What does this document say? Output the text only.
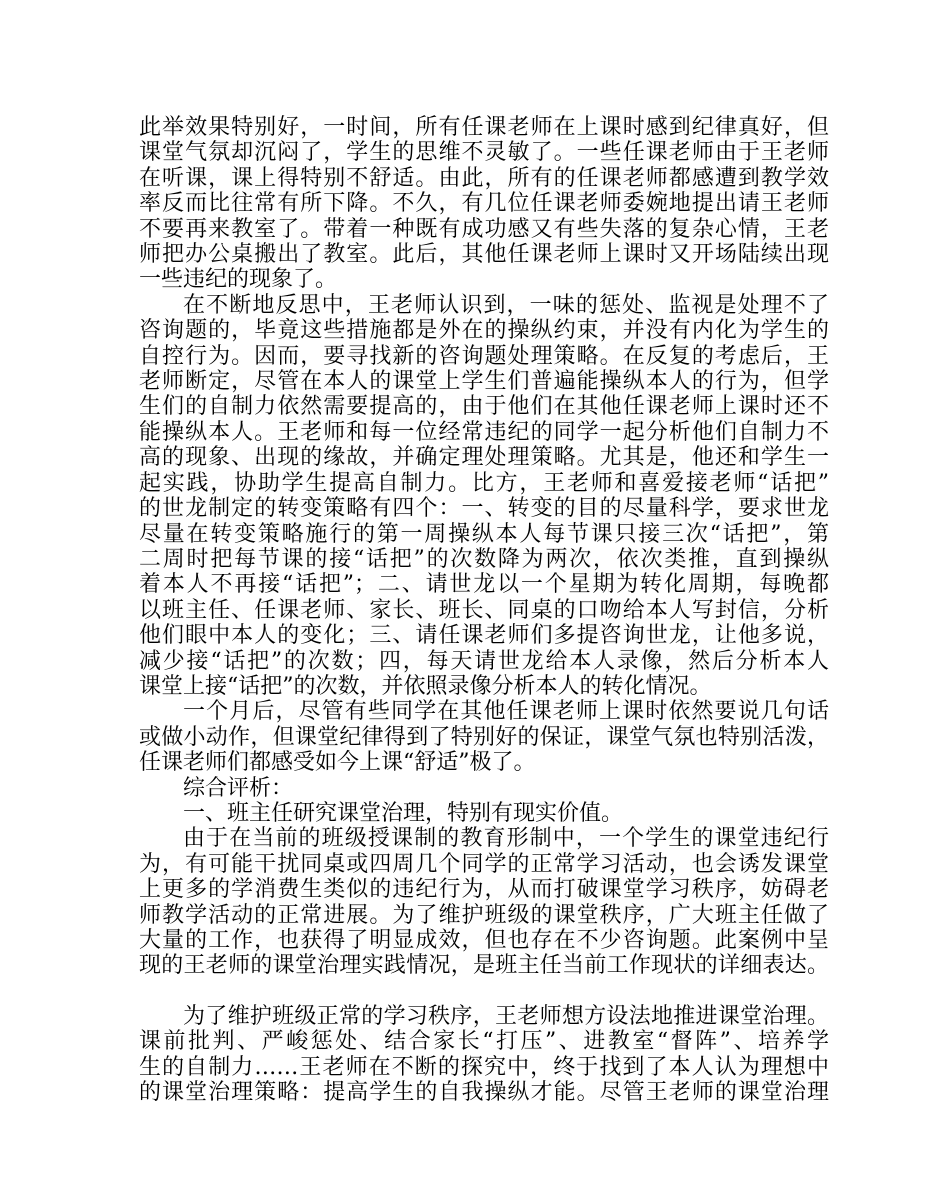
此举效果特别好，一时间，所有任课老师在上课时感到纪律真好，但
课堂气氛却沉闷了，学生的思维不灵敏了。一些任课老师由于王老师
在听课，课上得特别不舒适。由此，所有的任课老师都感遭到教学效
率反而比往常有所下降。不久，有几位任课老师委婉地提出请王老师
不要再来教室了。带着一种既有成功感又有些失落的复杂心情，王老
师把办公桌搬出了教室。此后，其他任课老师上课时又开场陆续出现
一些违纪的现象了。

在不断地反思中，王老师认识到，一味的惩处、监视是处理不了
咨询题的，毕竟这些措施都是外在的操纵约束，并没有内化为学生的
自控行为。因而，要寻找新的咨询题处理策略。在反复的考虑后，王
老师断定，尽管在本人的课堂上学生们普遍能操纵本人的行为，但学
生们的自制力依然需要提高的，由于他们在其他任课老师上课时还不
能操纵本人。王老师和每一位经常违纪的同学一起分析他们自制力不
高的现象、出现的缘故，并确定理处理策略。尤其是，他还和学生一
起实践，协助学生提高自制力。比方，王老师和喜爱接老师“话把”
的世龙制定的转变策略有四个：一、转变的目的尽量科学，要求世龙
尽量在转变策略施行的第一周操纵本人每节课只接三次“话把”，第
二周时把每节课的接“话把”的次数降为两次，依次类推，直到操纵
着本人不再接“话把”；二、请世龙以一个星期为转化周期，每晚都
以班主任、任课老师、家长、班长、同桌的口吻给本人写封信，分析
他们眼中本人的变化；三、请任课老师们多提咨询世龙，让他多说，
减少接“话把”的次数；四，每天请世龙给本人录像，然后分析本人
课堂上接“话把”的次数，并依照录像分析本人的转化情况。

一个月后，尽管有些同学在其他任课老师上课时依然要说几句话
或做小动作，但课堂纪律得到了特别好的保证，课堂气氛也特别活泼，
任课老师们都感受如今上课“舒适”极了。

综合评析：

一、班主任研究课堂治理，特别有现实价值。

由于在当前的班级授课制的教育形制中，一个学生的课堂违纪行
为，有可能干扰同桌或四周几个同学的正常学习活动，也会诱发课堂
上更多的学消费生类似的违纪行为，从而打破课堂学习秩序，妨碍老
师教学活动的正常进展。为了维护班级的课堂秩序，广大班主任做了
大量的工作，也获得了明显成效，但也存在不少咨询题。此案例中呈
现的王老师的课堂治理实践情况，是班主任当前工作现状的详细表达。

为了维护班级正常的学习秩序，王老师想方设法地推进课堂治理。
课前批判、严峻惩处、结合家长“打压”、进教室“督阵”、培养学
生的自制力……王老师在不断的探究中，终于找到了本人认为理想中
的课堂治理策略：提高学生的自我操纵才能。尽管王老师的课堂治理
